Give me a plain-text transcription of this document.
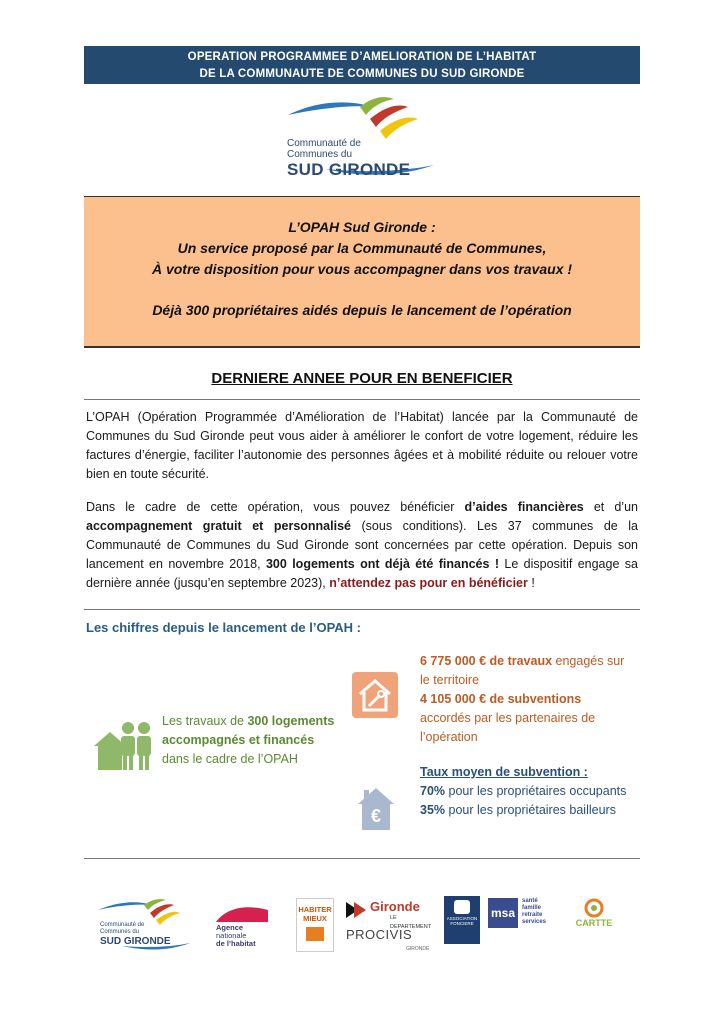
OPERATION PROGRAMMEE D’AMELIORATION DE L’HABITAT
DE LA COMMUNAUTE DE COMMUNES DU SUD GIRONDE
Communauté de
Communes du
SUD GIRONDE
L’OPAH Sud Gironde :
Un service proposé par la Communauté de Communes,
À votre disposition pour vous accompagner dans vos travaux !
Déjà 300 propriétaires aidés depuis le lancement de l’opération
DERNIERE ANNEE POUR EN BENEFICIER
L’OPAH (Opération Programmée d’Amélioration de l’Habitat) lancée par la Communauté de Communes du Sud Gironde peut vous aider à améliorer le confort de votre logement, réduire les factures d’énergie, faciliter l’autonomie des personnes âgées et à mobilité réduite ou relouer votre bien en toute sécurité.
Dans le cadre de cette opération, vous pouvez bénéficier d’aides financières et d’un accompagnement gratuit et personnalisé (sous conditions). Les 37 communes de la Communauté de Communes du Sud Gironde sont concernées par cette opération. Depuis son lancement en novembre 2018, 300 logements ont déjà été financés ! Le dispositif engage sa dernière année (jusqu’en septembre 2023), n’attendez pas pour en bénéficier !
Les chiffres depuis le lancement de l’OPAH :
Les travaux de 300 logements accompagnés et financés dans le cadre de l’OPAH
6 775 000 € de travaux engagés sur le territoire
4 105 000 € de subventions
accordés par les partenaires de l’opération
€
Taux moyen de subvention :
70% pour les propriétaires occupants
35% pour les propriétaires bailleurs
Communauté de
Communes du
SUD GIRONDE
Agence
nationale
de l’habitat
HABITER
MIEUX
Gironde
LE DEPARTEMENT
PROCIVIS
GIRONDE
ASSOCIATION
FONCIERE
msa
santé
famille
retraite
services	CARTTE
